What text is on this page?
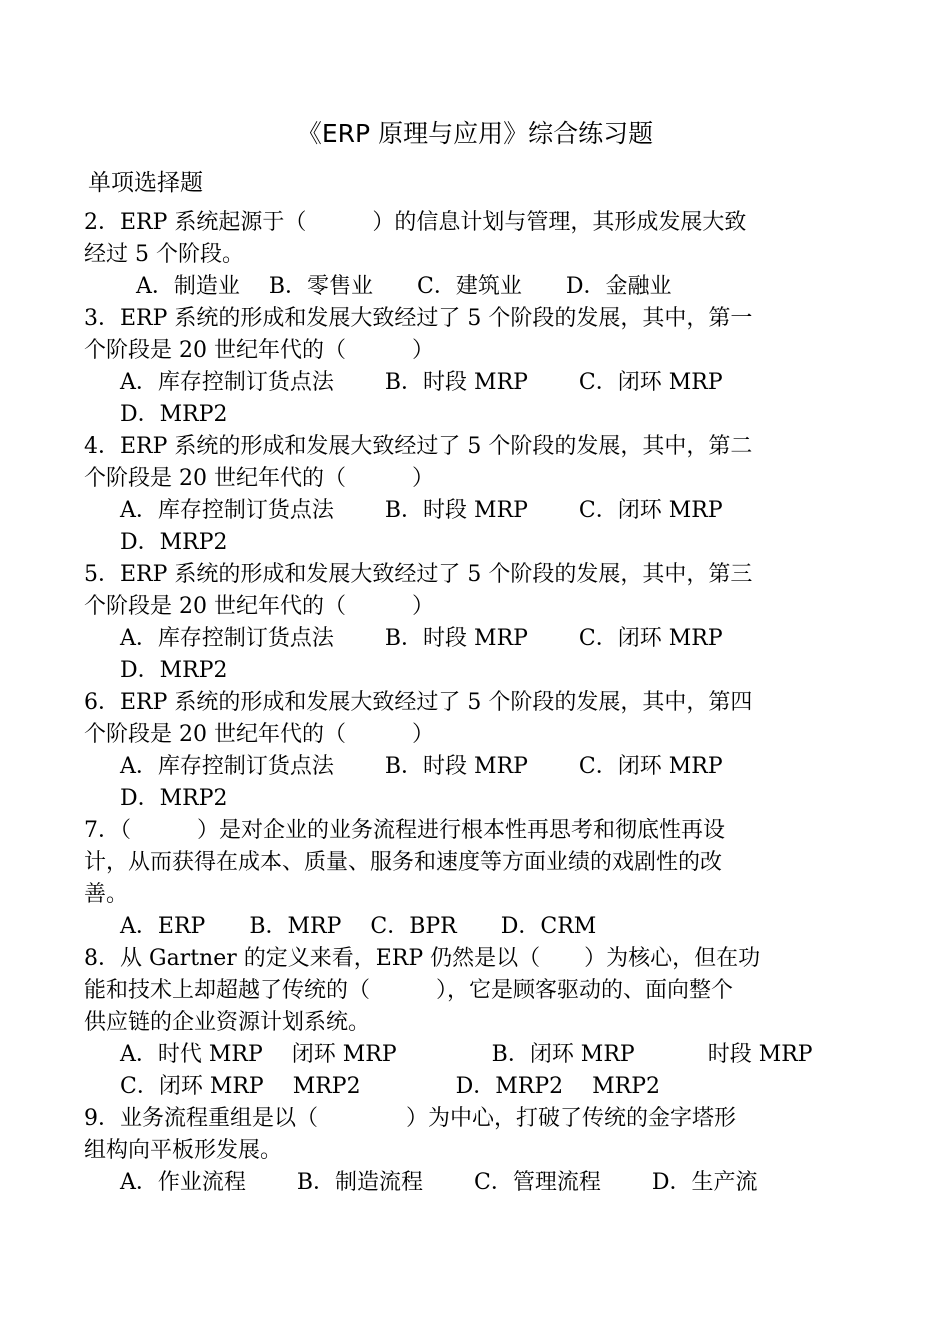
《ERP 原理与应用》综合练习题
单项选择题

2．ERP 系统起源于（　　　）的信息计划与管理，其形成发展大致

经过 5 个阶段。

A．制造业　 B．零售业　　C．建筑业　　D．金融业

3．ERP 系统的形成和发展大致经过了 5 个阶段的发展，其中，第一

个阶段是 20 世纪年代的（　　　）

A．库存控制订货点法　　 B．时段 MRP　　 C．闭环 MRP

D．MRP2

4．ERP 系统的形成和发展大致经过了 5 个阶段的发展，其中，第二

个阶段是 20 世纪年代的（　　　）

A．库存控制订货点法　　 B．时段 MRP　　 C．闭环 MRP

D．MRP2

5．ERP 系统的形成和发展大致经过了 5 个阶段的发展，其中，第三

个阶段是 20 世纪年代的（　　　）

A．库存控制订货点法　　 B．时段 MRP　　 C．闭环 MRP

D．MRP2

6．ERP 系统的形成和发展大致经过了 5 个阶段的发展，其中，第四

个阶段是 20 世纪年代的（　　　）

A．库存控制订货点法　　 B．时段 MRP　　 C．闭环 MRP

D．MRP2

7．（　　　）是对企业的业务流程进行根本性再思考和彻底性再设

计，从而获得在成本、质量、服务和速度等方面业绩的戏剧性的改

善。

A．ERP　　B．MRP　 C．BPR　　D．CRM

8．从 Gartner 的定义来看，ERP 仍然是以（　　）为核心，但在功

能和技术上却超越了传统的（　　　），它是顾客驱动的、面向整个

供应链的企业资源计划系统。

A．时代 MRP　 闭环 MRP　　　　 B．闭环 MRP　　　 时段 MRP

C．闭环 MRP　 MRP2　　　　 D．MRP2　 MRP2

9．业务流程重组是以（　　　　）为中心，打破了传统的金字塔形

组构向平板形发展。

A．作业流程　　 B．制造流程　　 C．管理流程　　 D．生产流
